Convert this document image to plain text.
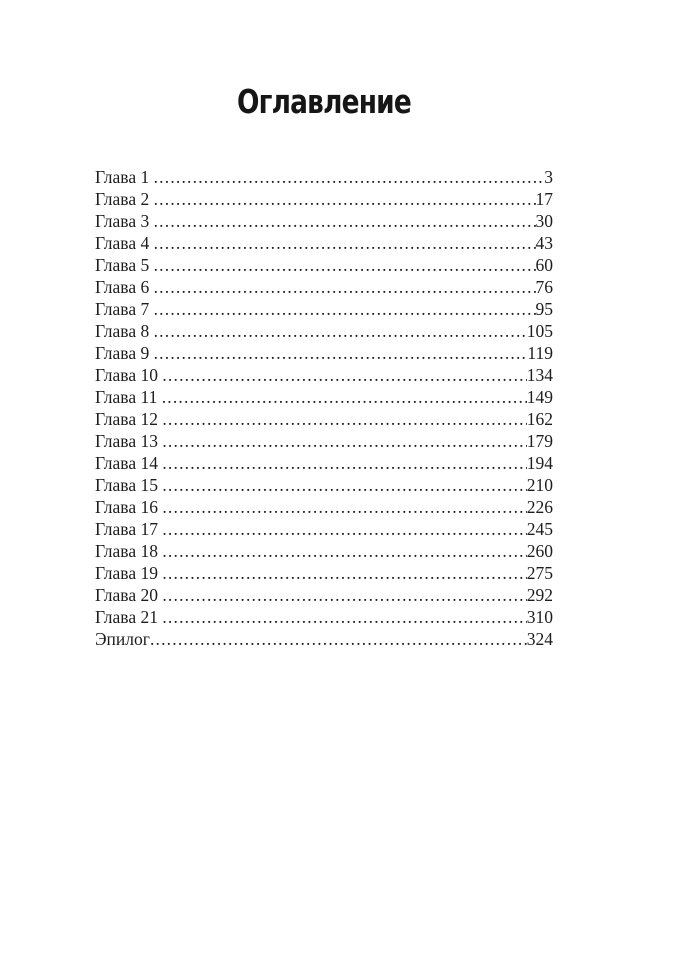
Оглавление
Глава 1 .....	3
Глава 2 .....	17
Глава 3 .....	30
Глава 4 .....	43
Глава 5 .....	60
Глава 6 .....	76
Глава 7 .....	95
Глава 8 .....	105
Глава 9 .....	119
Глава 10 .....	134
Глава 11 .....	149
Глава 12 .....	162
Глава 13 .....	179
Глава 14 .....	194
Глава 15 .....	210
Глава 16 .....	226
Глава 17 .....	245
Глава 18 .....	260
Глава 19 .....	275
Глава 20 .....	292
Глава 21 .....	310
Эпилог .....	324
